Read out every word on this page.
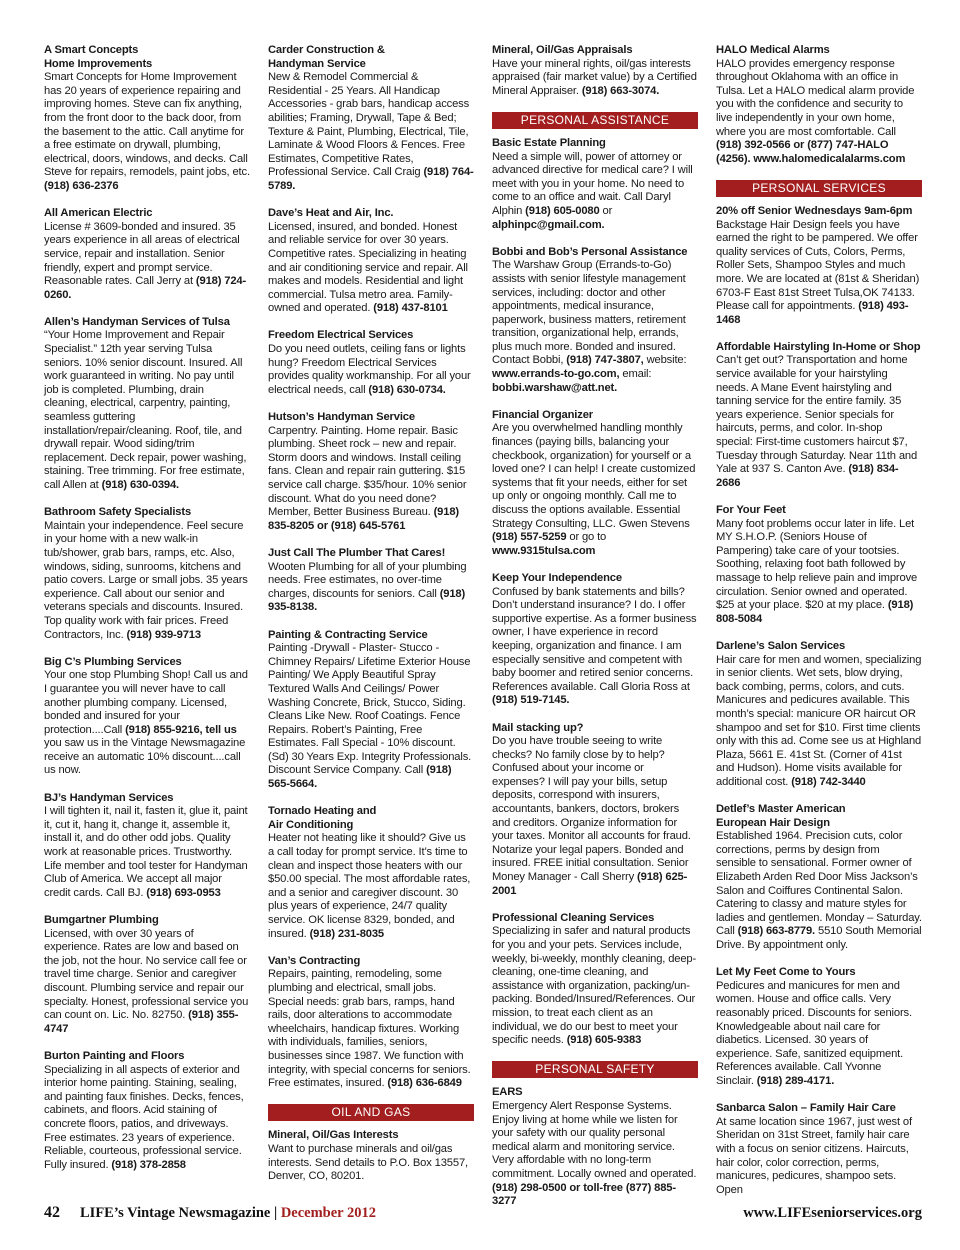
A Smart Concepts
Home Improvements
Smart Concepts for Home Improvement has 20 years of experience repairing and improving homes. Steve can fix anything, from the front door to the back door, from the basement to the attic. Call anytime for a free estimate on drywall, plumbing, electrical, doors, windows, and decks. Call Steve for repairs, remodels, paint jobs, etc. (918) 636-2376
All American Electric
License # 3609-bonded and insured. 35 years experience in all areas of electrical service, repair and installation. Senior friendly, expert and prompt service. Reasonable rates. Call Jerry at (918) 724-0260.
Allen’s Handyman Services of Tulsa
“Your Home Improvement and Repair Specialist.” 12th year serving Tulsa seniors. 10% senior discount. Insured. All work guaranteed in writing. No pay until job is completed. Plumbing, drain cleaning, electrical, carpentry, painting, seamless guttering installation/repair/cleaning. Roof, tile, and drywall repair. Wood siding/trim replacement. Deck repair, power washing, staining. Tree trimming. For free estimate, call Allen at (918) 630-0394.
Bathroom Safety Specialists
Maintain your independence. Feel secure in your home with a new walk-in tub/shower, grab bars, ramps, etc. Also, windows, siding, sunrooms, kitchens and patio covers. Large or small jobs. 35 years experience. Call about our senior and veterans specials and discounts. Insured. Top quality work with fair prices. Freed Contractors, Inc. (918) 939-9713
Big C’s Plumbing Services
Your one stop Plumbing Shop! Call us and I guarantee you will never have to call another plumbing company. Licensed, bonded and insured for your protection....Call (918) 855-9216, tell us you saw us in the Vintage Newsmagazine receive an automatic 10% discount....call us now.
BJ’s Handyman Services
I will tighten it, nail it, fasten it, glue it, paint it, cut it, hang it, change it, assemble it, install it, and do other odd jobs. Quality work at reasonable prices. Trustworthy. Life member and tool tester for Handyman Club of America. We accept all major credit cards. Call BJ. (918) 693-0953
Bumgartner Plumbing
Licensed, with over 30 years of experience. Rates are low and based on the job, not the hour. No service call fee or travel time charge. Senior and caregiver discount. Plumbing service and repair our specialty. Honest, professional service you can count on. Lic. No. 82750. (918) 355-4747
Burton Painting and Floors
Specializing in all aspects of exterior and interior home painting. Staining, sealing, and painting faux finishes. Decks, fences, cabinets, and floors. Acid staining of concrete floors, patios, and driveways. Free estimates. 23 years of experience. Reliable, courteous, professional service. Fully insured. (918) 378-2858
Carder Construction &
Handyman Service
New & Remodel Commercial & Residential - 25 Years. All Handicap Accessories - grab bars, handicap access abilities; Framing, Drywall, Tape & Bed; Texture & Paint, Plumbing, Electrical, Tile, Laminate & Wood Floors & Fences. Free Estimates, Competitive Rates, Professional Service. Call Craig (918) 764-5789.
Dave’s Heat and Air, Inc.
Licensed, insured, and bonded. Honest and reliable service for over 30 years. Competitive rates. Specializing in heating and air conditioning service and repair. All makes and models. Residential and light commercial. Tulsa metro area. Family-owned and operated. (918) 437-8101
Freedom Electrical Services
Do you need outlets, ceiling fans or lights hung? Freedom Electrical Services provides quality workmanship. For all your electrical needs, call (918) 630-0734.
Hutson’s Handyman Service
Carpentry. Painting. Home repair. Basic plumbing. Sheet rock – new and repair. Storm doors and windows. Install ceiling fans. Clean and repair rain guttering. $15 service call charge. $35/hour. 10% senior discount. What do you need done? Member, Better Business Bureau. (918) 835-8205 or (918) 645-5761
Just Call The Plumber That Cares!
Wooten Plumbing for all of your plumbing needs. Free estimates, no over-time charges, discounts for seniors. Call (918) 935-8138.
Painting & Contracting Service
Painting -Drywall - Plaster- Stucco - Chimney Repairs/ Lifetime Exterior House Painting/ We Apply Beautiful Spray Textured Walls And Ceilings/ Power Washing Concrete, Brick, Stucco, Siding. Cleans Like New. Roof Coatings. Fence Repairs. Robert’s Painting, Free Estimates. Fall Special - 10% discount. (Sd) 30 Years Exp. Integrity Professionals. Discount Service Company. Call (918) 565-5664.
Tornado Heating and
Air Conditioning
Heater not heating like it should? Give us a call today for prompt service. It’s time to clean and inspect those heaters with our $50.00 special. The most affordable rates, and a senior and caregiver discount. 30 plus years of experience, 24/7 quality service. OK license 8329, bonded, and insured. (918) 231-8035
Van’s Contracting
Repairs, painting, remodeling, some plumbing and electrical, small jobs. Special needs: grab bars, ramps, hand rails, door alterations to accommodate wheelchairs, handicap fixtures. Working with individuals, families, seniors, businesses since 1987. We function with integrity, with special concerns for seniors. Free estimates, insured. (918) 636-6849
OIL AND GAS
Mineral, Oil/Gas Interests
Want to purchase minerals and oil/gas interests. Send details to P.O. Box 13557, Denver, CO, 80201.
Mineral, Oil/Gas Appraisals
Have your mineral rights, oil/gas interests appraised (fair market value) by a Certified Mineral Appraiser. (918) 663-3074.
PERSONAL ASSISTANCE
Basic Estate Planning
Need a simple will, power of attorney or advanced directive for medical care? I will meet with you in your home. No need to come to an office and wait. Call Daryl Alphin (918) 605-0080 or alphinpc@gmail.com.
Bobbi and Bob’s Personal Assistance
The Warshaw Group (Errands-to-Go) assists with senior lifestyle management services, including: doctor and other appointments, medical insurance, paperwork, business matters, retirement transition, organizational help, errands, plus much more. Bonded and insured. Contact Bobbi, (918) 747-3807, website: www.errands-to-go.com, email: bobbi.warshaw@att.net.
Financial Organizer
Are you overwhelmed handling monthly finances (paying bills, balancing your checkbook, organization) for yourself or a loved one? I can help! I create customized systems that fit your needs, either for set up only or ongoing monthly. Call me to discuss the options available. Essential Strategy Consulting, LLC. Gwen Stevens (918) 557-5259 or go to www.9315tulsa.com
Keep Your Independence
Confused by bank statements and bills? Don’t understand insurance? I do. I offer supportive expertise. As a former business owner, I have experience in record keeping, organization and finance. I am especially sensitive and competent with baby boomer and retired senior concerns. References available. Call Gloria Ross at (918) 519-7145.
Mail stacking up?
Do you have trouble seeing to write checks? No family close by to help? Confused about your income or expenses? I will pay your bills, setup deposits, correspond with insurers, accountants, bankers, doctors, brokers and creditors. Organize information for your taxes. Monitor all accounts for fraud. Notarize your legal papers. Bonded and insured. FREE initial consultation. Senior Money Manager - Call Sherry (918) 625-2001
Professional Cleaning Services
Specializing in safer and natural products for you and your pets. Services include, weekly, bi-weekly, monthly cleaning, deep-cleaning, one-time cleaning, and assistance with organization, packing/un-packing. Bonded/Insured/References. Our mission, to treat each client as an individual, we do our best to meet your specific needs. (918) 605-9383
PERSONAL SAFETY
EARS
Emergency Alert Response Systems. Enjoy living at home while we listen for your safety with our quality personal medical alarm and monitoring service. Very affordable with no long-term commitment. Locally owned and operated. (918) 298-0500 or toll-free (877) 885-3277
HALO Medical Alarms
HALO provides emergency response throughout Oklahoma with an office in Tulsa. Let a HALO medical alarm provide you with the confidence and security to live independently in your own home, where you are most comfortable. Call (918) 392-0566 or (877) 747-HALO (4256). www.halomedicalalarms.com
PERSONAL SERVICES
20% off Senior Wednesdays 9am-6pm
Backstage Hair Design feels you have earned the right to be pampered. We offer quality services of Cuts, Colors, Perms, Roller Sets, Shampoo Styles and much more. We are located at (81st & Sheridan) 6703-F East 81st Street Tulsa,OK 74133. Please call for appointments. (918) 493-1468
Affordable Hairstyling In-Home or Shop
Can’t get out? Transportation and home service available for your hairstyling needs. A Mane Event hairstyling and tanning service for the entire family. 35 years experience. Senior specials for haircuts, perms, and color. In-shop special: First-time customers haircut $7, Tuesday through Saturday. Near 11th and Yale at 937 S. Canton Ave. (918) 834-2686
For Your Feet
Many foot problems occur later in life. Let MY S.H.O.P. (Seniors House of Pampering) take care of your tootsies. Soothing, relaxing foot bath followed by massage to help relieve pain and improve circulation. Senior owned and operated. $25 at your place. $20 at my place. (918) 808-5084
Darlene’s Salon Services
Hair care for men and women, specializing in senior clients. Wet sets, blow drying, back combing, perms, colors, and cuts. Manicures and pedicures available. This month’s special: manicure OR haircut OR shampoo and set for $10. First time clients only with this ad. Come see us at Highland Plaza, 5661 E. 41st St. (Corner of 41st and Hudson). Home visits available for additional cost. (918) 742-3440
Detlef’s Master American
European Hair Design
Established 1964. Precision cuts, color corrections, perms by design from sensible to sensational. Former owner of Elizabeth Arden Red Door Miss Jackson’s Salon and Coiffures Continental Salon. Catering to classy and mature styles for ladies and gentlemen. Monday – Saturday. Call (918) 663-8779. 5510 South Memorial Drive. By appointment only.
Let My Feet Come to Yours
Pedicures and manicures for men and women. House and office calls. Very reasonably priced. Discounts for seniors. Knowledgeable about nail care for diabetics. Licensed. 30 years of experience. Safe, sanitized equipment. References available. Call Yvonne Sinclair. (918) 289-4171.
Sanbarca Salon – Family Hair Care
At same location since 1967, just west of Sheridan on 31st Street, family hair care with a focus on senior citizens. Haircuts, hair color, color correction, perms, manicures, pedicures, shampoo sets. Open
42 LIFE’s Vintage Newsmagazine | December 2012	www.LIFEseniorservices.org
